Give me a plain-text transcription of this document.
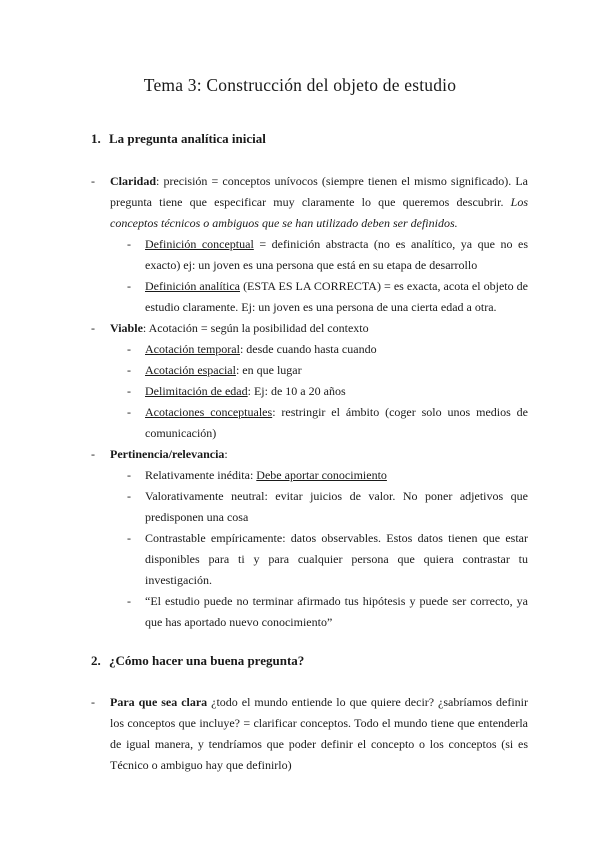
Tema 3: Construcción del objeto de estudio
1. La pregunta analítica inicial
- Claridad: precisión = conceptos unívocos (siempre tienen el mismo significado). La pregunta tiene que especificar muy claramente lo que queremos descubrir. Los conceptos técnicos o ambiguos que se han utilizado deben ser definidos.
- Definición conceptual = definición abstracta (no es analítico, ya que no es exacto) ej: un joven es una persona que está en su etapa de desarrollo
- Definición analítica (ESTA ES LA CORRECTA) = es exacta, acota el objeto de estudio claramente. Ej: un joven es una persona de una cierta edad a otra.
- Viable: Acotación = según la posibilidad del contexto
- Acotación temporal: desde cuando hasta cuando
- Acotación espacial: en que lugar
- Delimitación de edad: Ej: de 10 a 20 años
- Acotaciones conceptuales: restringir el ámbito (coger solo unos medios de comunicación)
- Pertinencia/relevancia:
- Relativamente inédita: Debe aportar conocimiento
- Valorativamente neutral: evitar juicios de valor. No poner adjetivos que predisponen una cosa
- Contrastable empíricamente: datos observables. Estos datos tienen que estar disponibles para ti y para cualquier persona que quiera contrastar tu investigación.
- “El estudio puede no terminar afirmado tus hipótesis y puede ser correcto, ya que has aportado nuevo conocimiento”
2. ¿Cómo hacer una buena pregunta?
- Para que sea clara ¿todo el mundo entiende lo que quiere decir? ¿sabríamos definir los conceptos que incluye? = clarificar conceptos. Todo el mundo tiene que entenderla de igual manera, y tendríamos que poder definir el concepto o los conceptos (si es Técnico o ambiguo hay que definirlo)
